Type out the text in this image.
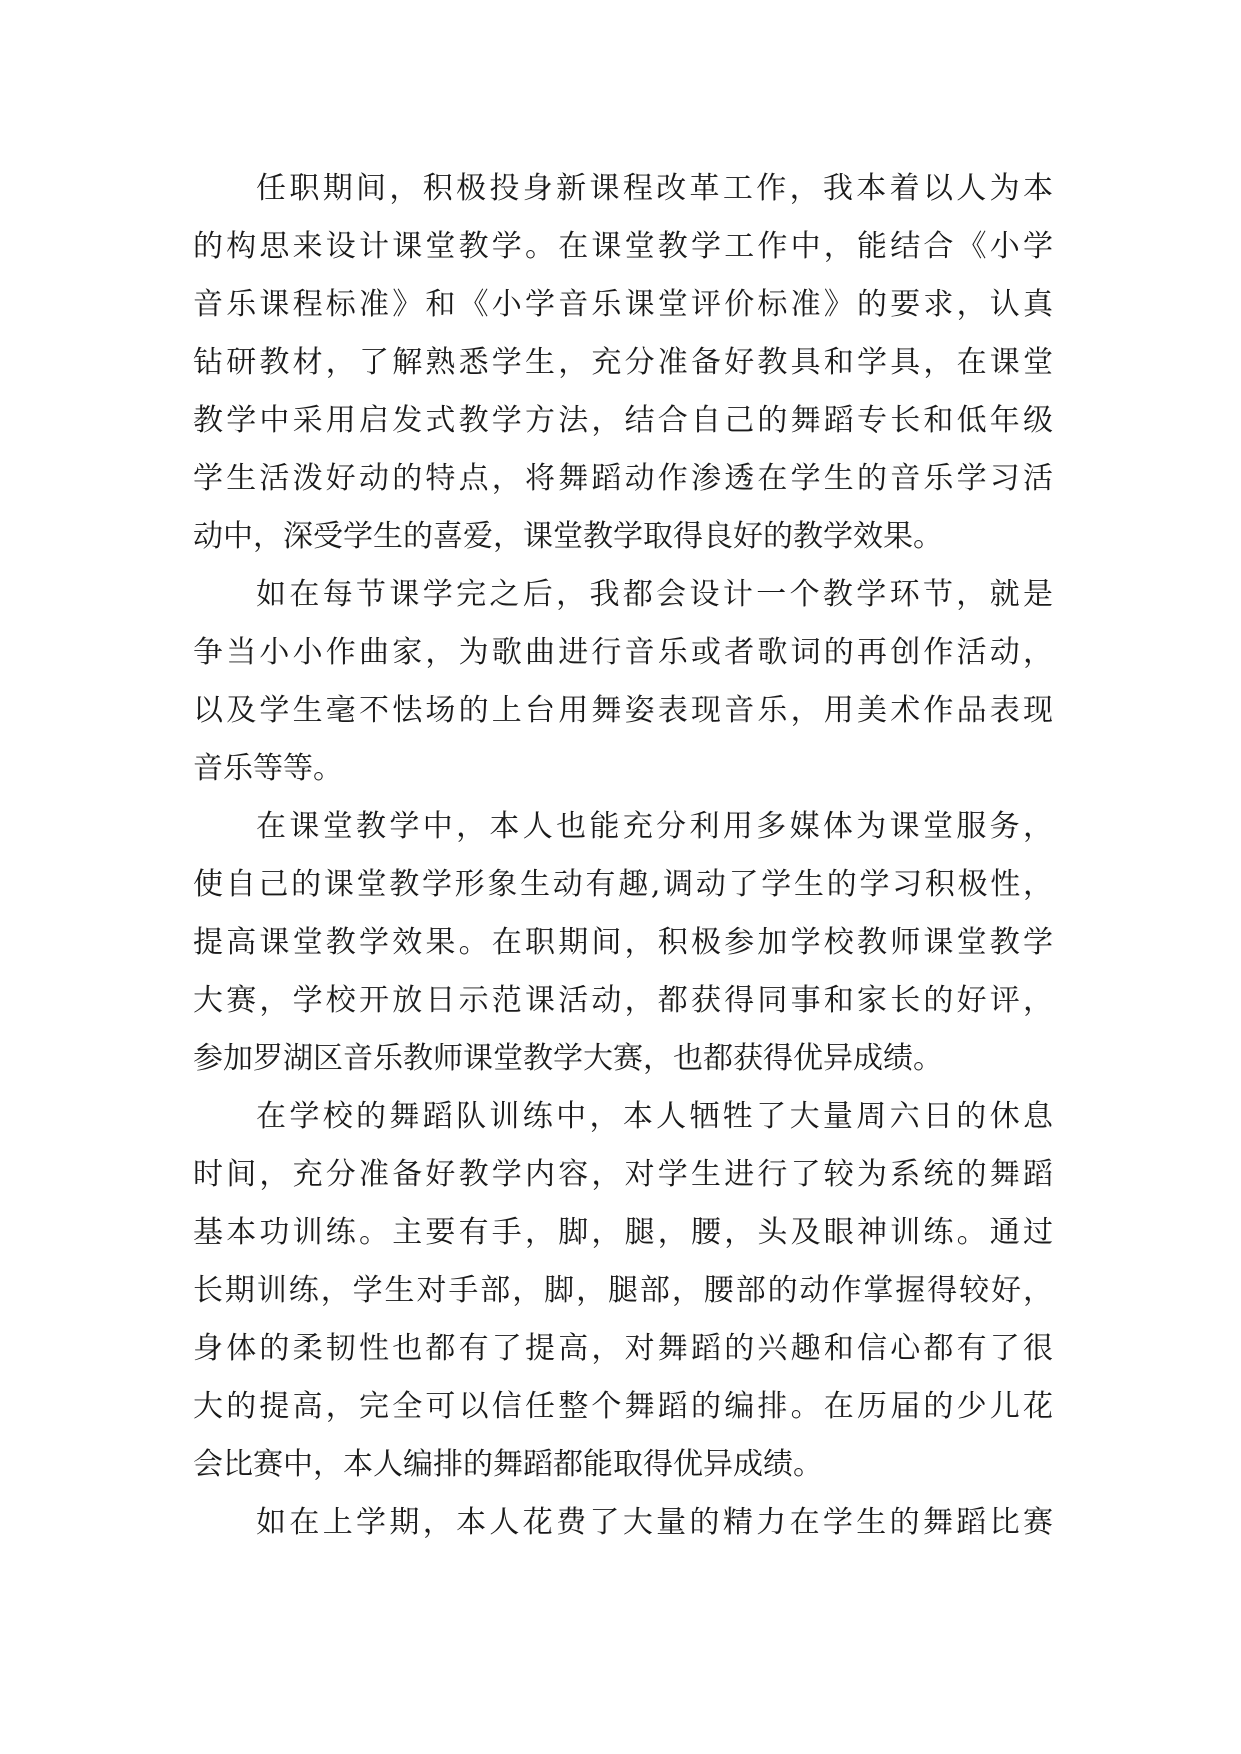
任职期间，积极投身新课程改革工作，我本着以人为本
的构思来设计课堂教学。在课堂教学工作中，能结合《小学
音乐课程标准》和《小学音乐课堂评价标准》的要求，认真
钻研教材，了解熟悉学生，充分准备好教具和学具，在课堂
教学中采用启发式教学方法，结合自己的舞蹈专长和低年级
学生活泼好动的特点，将舞蹈动作渗透在学生的音乐学习活
动中，深受学生的喜爱，课堂教学取得良好的教学效果。
如在每节课学完之后，我都会设计一个教学环节，就是
争当小小作曲家，为歌曲进行音乐或者歌词的再创作活动，
以及学生毫不怯场的上台用舞姿表现音乐，用美术作品表现
音乐等等。
在课堂教学中，本人也能充分利用多媒体为课堂服务，
使自己的课堂教学形象生动有趣,调动了学生的学习积极性，
提高课堂教学效果。在职期间，积极参加学校教师课堂教学
大赛，学校开放日示范课活动，都获得同事和家长的好评，
参加罗湖区音乐教师课堂教学大赛，也都获得优异成绩。
在学校的舞蹈队训练中，本人牺牲了大量周六日的休息
时间，充分准备好教学内容，对学生进行了较为系统的舞蹈
基本功训练。主要有手，脚，腿，腰，头及眼神训练。通过
长期训练，学生对手部，脚，腿部，腰部的动作掌握得较好，
身体的柔韧性也都有了提高，对舞蹈的兴趣和信心都有了很
大的提高，完全可以信任整个舞蹈的编排。在历届的少儿花
会比赛中，本人编排的舞蹈都能取得优异成绩。
如在上学期，本人花费了大量的精力在学生的舞蹈比赛
